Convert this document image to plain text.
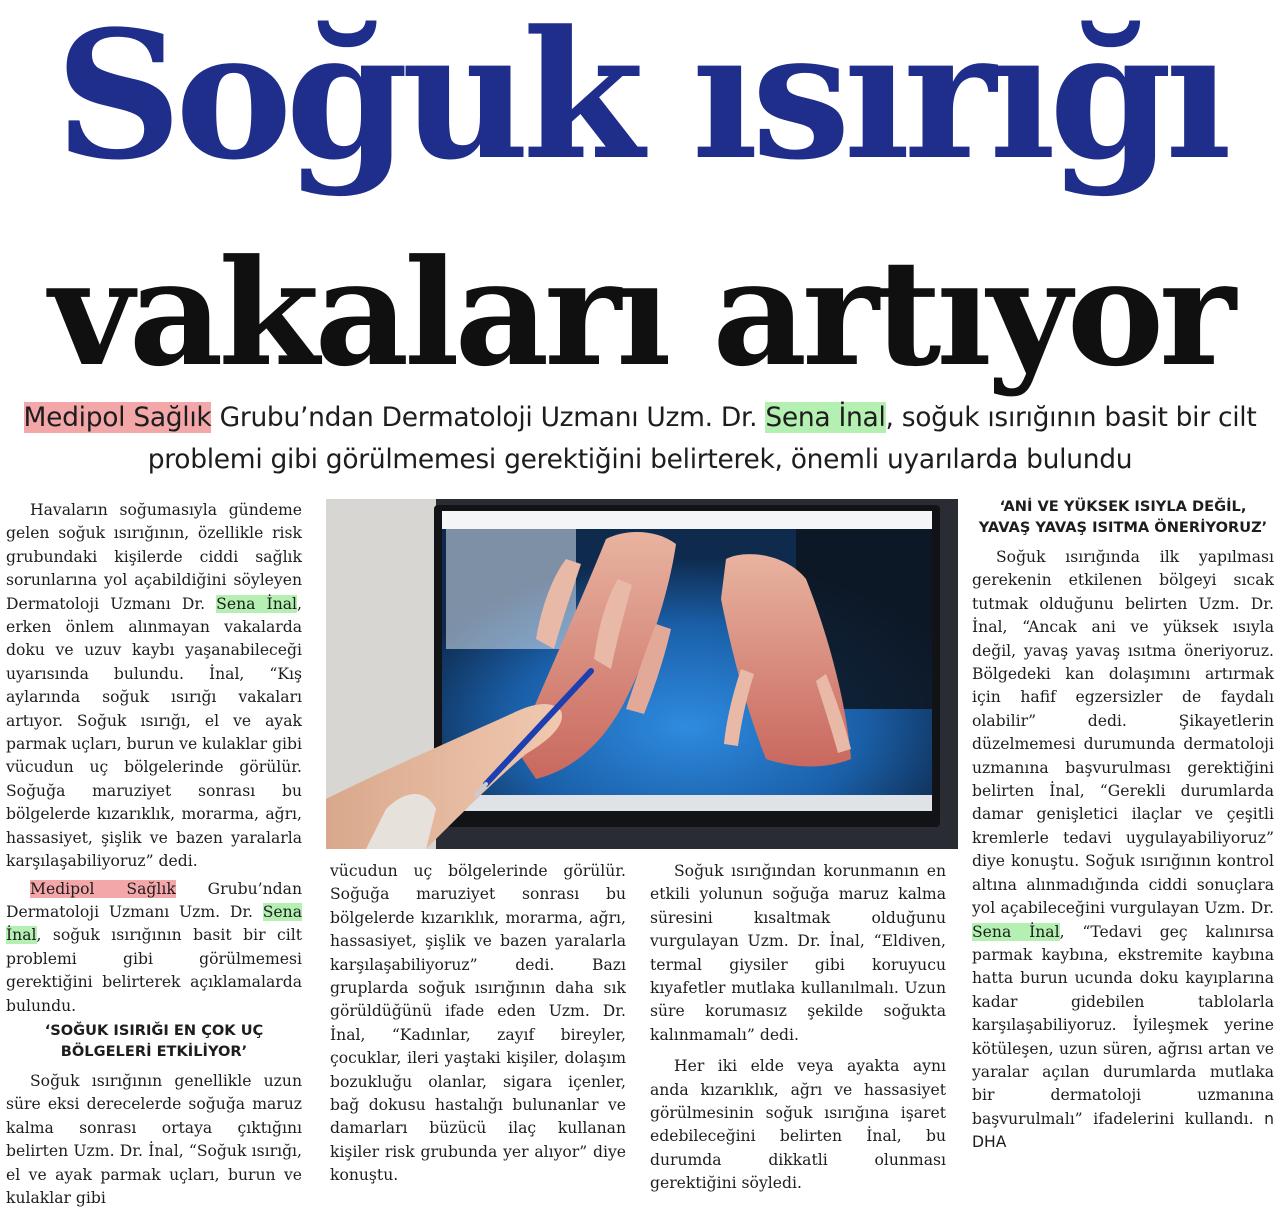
Soğuk ısırığı
vakaları artıyor
Medipol Sağlık Grubu’ndan Dermatoloji Uzmanı Uzm. Dr. Sena İnal, soğuk ısırığının basit bir cilt problemi gibi görülmemesi gerektiğini belirterek, önemli uyarılarda bulundu

Havaların soğumasıyla gündeme gelen soğuk ısırığının, özellikle risk grubundaki kişilerde ciddi sağlık sorunlarına yol açabildiğini söyleyen Dermatoloji Uzmanı Dr. Sena İnal, erken önlem alınmayan vakalarda doku ve uzuv kaybı yaşanabileceği uyarısında bulundu. İnal, “Kış aylarında soğuk ısırığı vakaları artıyor. Soğuk ısırığı, el ve ayak parmak uçları, burun ve kulaklar gibi vücudun uç bölgelerinde görülür. Soğuğa maruziyet sonrası bu bölgelerde kızarıklık, morarma, ağrı, hassasiyet, şişlik ve bazen yaralarla karşılaşabiliyoruz” dedi.

Medipol Sağlık Grubu’ndan Dermatoloji Uzmanı Uzm. Dr. Sena İnal, soğuk ısırığının basit bir cilt problemi gibi görülmemesi gerektiğini belirterek açıklamalarda bulundu.

‘SOĞUK ISIRIĞI EN ÇOK UÇ BÖLGELERİ ETKİLİYOR’

Soğuk ısırığının genellikle uzun süre eksi derecelerde soğuğa maruz kalma sonrası ortaya çıktığını belirten Uzm. Dr. İnal, “Soğuk ısırığı, el ve ayak parmak uçları, burun ve kulaklar gibi

vücudun uç bölgelerinde görülür. Soğuğa maruziyet sonrası bu bölgelerde kızarıklık, morarma, ağrı, hassasiyet, şişlik ve bazen yaralarla karşılaşabiliyoruz” dedi. Bazı gruplarda soğuk ısırığının daha sık görüldüğünü ifade eden Uzm. Dr. İnal, “Kadınlar, zayıf bireyler, çocuklar, ileri yaştaki kişiler, dolaşım bozukluğu olanlar, sigara içenler, bağ dokusu hastalığı bulunanlar ve damarları büzücü ilaç kullanan kişiler risk grubunda yer alıyor” diye konuştu.

Soğuk ısırığından korunmanın en etkili yolunun soğuğa maruz kalma süresini kısaltmak olduğunu vurgulayan Uzm. Dr. İnal, “Eldiven, termal giysiler gibi koruyucu kıyafetler mutlaka kullanılmalı. Uzun süre korumasız şekilde soğukta kalınmamalı” dedi.

Her iki elde veya ayakta aynı anda kızarıklık, ağrı ve hassasiyet görülmesinin soğuk ısırığına işaret edebileceğini belirten İnal, bu durumda dikkatli olunması gerektiğini söyledi.

‘ANİ VE YÜKSEK ISIYLA DEĞİL, YAVAŞ YAVAŞ ISITMA ÖNERİYORUZ’

Soğuk ısırığında ilk yapılması gerekenin etkilenen bölgeyi sıcak tutmak olduğunu belirten Uzm. Dr. İnal, “Ancak ani ve yüksek ısıyla değil, yavaş yavaş ısıtma öneriyoruz. Bölgedeki kan dolaşımını artırmak için hafif egzersizler de faydalı olabilir” dedi. Şikayetlerin düzelmemesi durumunda dermatoloji uzmanına başvurulması gerektiğini belirten İnal, “Gerekli durumlarda damar genişletici ilaçlar ve çeşitli kremlerle tedavi uygulayabiliyoruz” diye konuştu. Soğuk ısırığının kontrol altına alınmadığında ciddi sonuçlara yol açabileceğini vurgulayan Uzm. Dr. Sena İnal, “Tedavi geç kalınırsa parmak kaybına, ekstremite kaybına hatta burun ucunda doku kayıplarına kadar gidebilen tablolarla karşılaşabiliyoruz. İyileşmek yerine kötüleşen, uzun süren, ağrısı artan ve yaralar açılan durumlarda mutlaka bir dermatoloji uzmanına başvurulmalı” ifadelerini kullandı. n DHA
